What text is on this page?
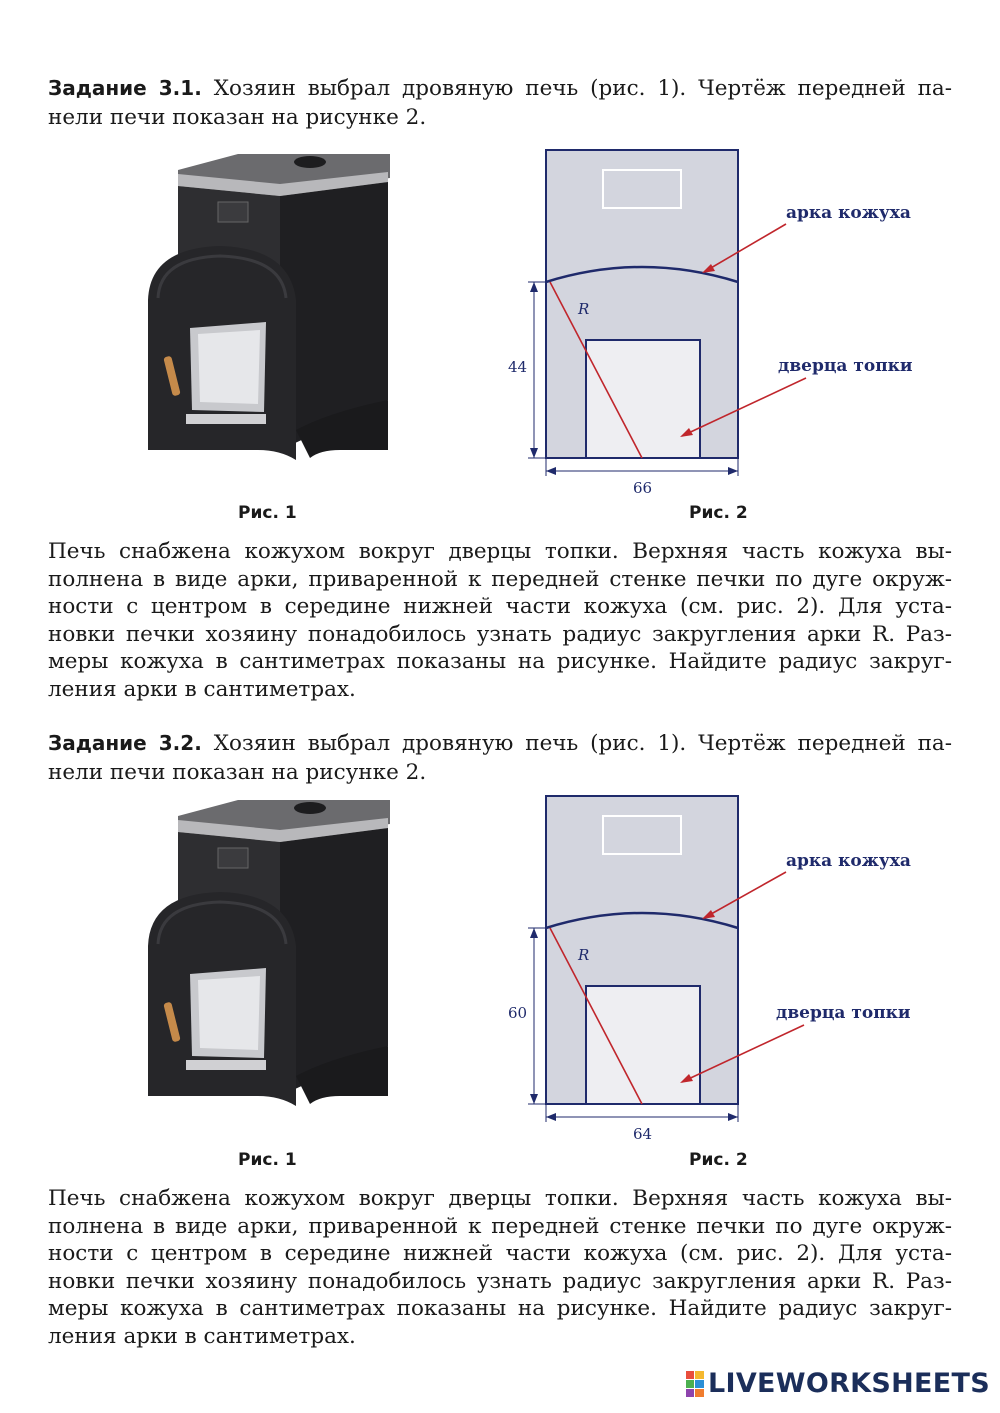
Задание 3.1. Хозяин выбрал дровяную печь (рис. 1). Чертёж передней па-
нели печи показан на рисунке 2.

Рис. 1
R
44
66
арка кожуха
дверца топки
Рис. 2

Печь снабжена кожухом вокруг дверцы топки. Верхняя часть кожуха вы-
полнена в виде арки, приваренной к передней стенке печки по дуге окруж-
ности с центром в середине нижней части кожуха (см. рис. 2). Для уста-
новки печки хозяину понадобилось узнать радиус закругления арки R. Раз-
меры кожуха в сантиметрах показаны на рисунке. Найдите радиус закруг-
ления арки в сантиметрах.

Задание 3.2. Хозяин выбрал дровяную печь (рис. 1). Чертёж передней па-
нели печи показан на рисунке 2.

Рис. 1
R
60
64
арка кожуха
дверца топки
Рис. 2

Печь снабжена кожухом вокруг дверцы топки. Верхняя часть кожуха вы-
полнена в виде арки, приваренной к передней стенке печки по дуге окруж-
ности с центром в середине нижней части кожуха (см. рис. 2). Для уста-
новки печки хозяину понадобилось узнать радиус закругления арки R. Раз-
меры кожуха в сантиметрах показаны на рисунке. Найдите радиус закруг-
ления арки в сантиметрах.

LIVEWORKSHEETS
